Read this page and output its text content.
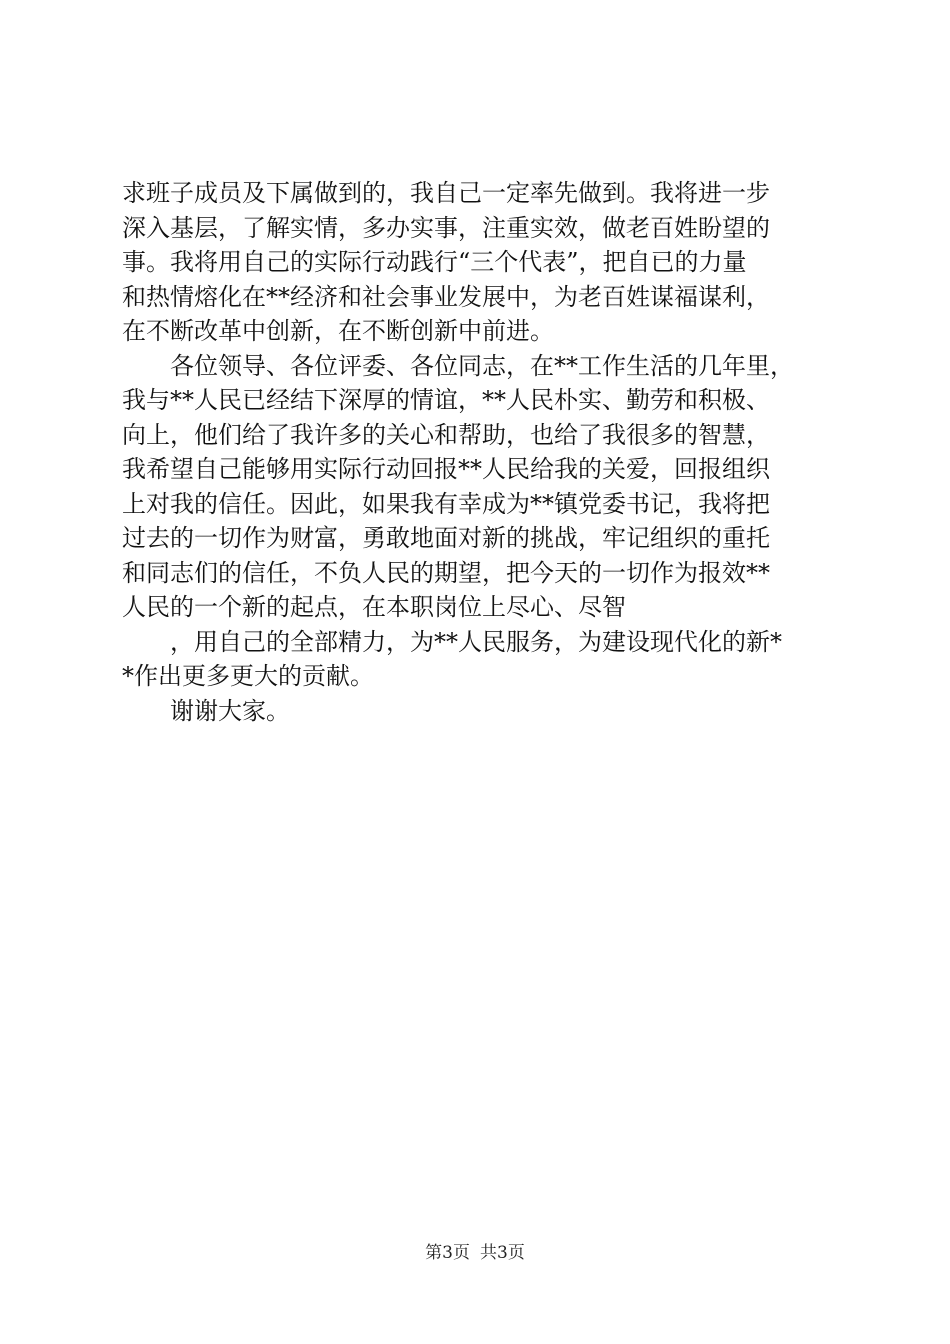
求班子成员及下属做到的，我自己一定率先做到。我将进一步
深入基层，了解实情，多办实事，注重实效，做老百姓盼望的
事。我将用自己的实际行动践行“三个代表”，把自已的力量
和热情熔化在**经济和社会事业发展中，为老百姓谋福谋利，
在不断改革中创新，在不断创新中前进。
　　各位领导、各位评委、各位同志，在**工作生活的几年里，
我与**人民已经结下深厚的情谊，**人民朴实、勤劳和积极、
向上，他们给了我许多的关心和帮助，也给了我很多的智慧，
我希望自己能够用实际行动回报**人民给我的关爱，回报组织
上对我的信任。因此，如果我有幸成为**镇党委书记，我将把
过去的一切作为财富，勇敢地面对新的挑战，牢记组织的重托
和同志们的信任，不负人民的期望，把今天的一切作为报效**
人民的一个新的起点，在本职岗位上尽心、尽智
　　，用自己的全部精力，为**人民服务，为建设现代化的新*
*作出更多更大的贡献。
　　谢谢大家。
第3页 共3页
